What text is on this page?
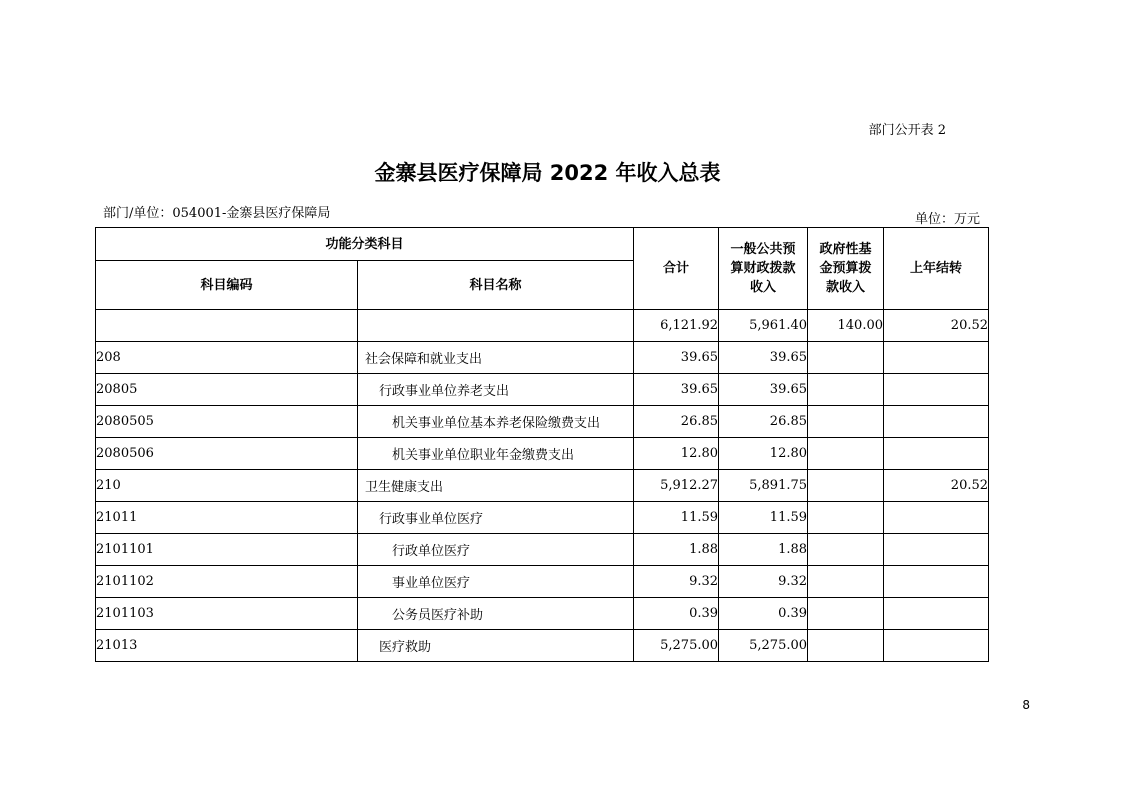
部门公开表 2
金寨县医疗保障局 2022 年收入总表
部门/单位：054001-金寨县医疗保障局	单位：万元
功能分类科目		合计	一般公共预算财政拨款收入	政府性基金预算拨款收入	上年结转
科目编码	科目名称				
		6,121.92	5,961.40	140.00	20.52
208	社会保障和就业支出	39.65	39.65		
20805	行政事业单位养老支出	39.65	39.65		
2080505	机关事业单位基本养老保险缴费支出	26.85	26.85		
2080506	机关事业单位职业年金缴费支出	12.80	12.80		
210	卫生健康支出	5,912.27	5,891.75		20.52
21011	行政事业单位医疗	11.59	11.59		
2101101	行政单位医疗	1.88	1.88		
2101102	事业单位医疗	9.32	9.32		
2101103	公务员医疗补助	0.39	0.39		
21013	医疗救助	5,275.00	5,275.00		
8
